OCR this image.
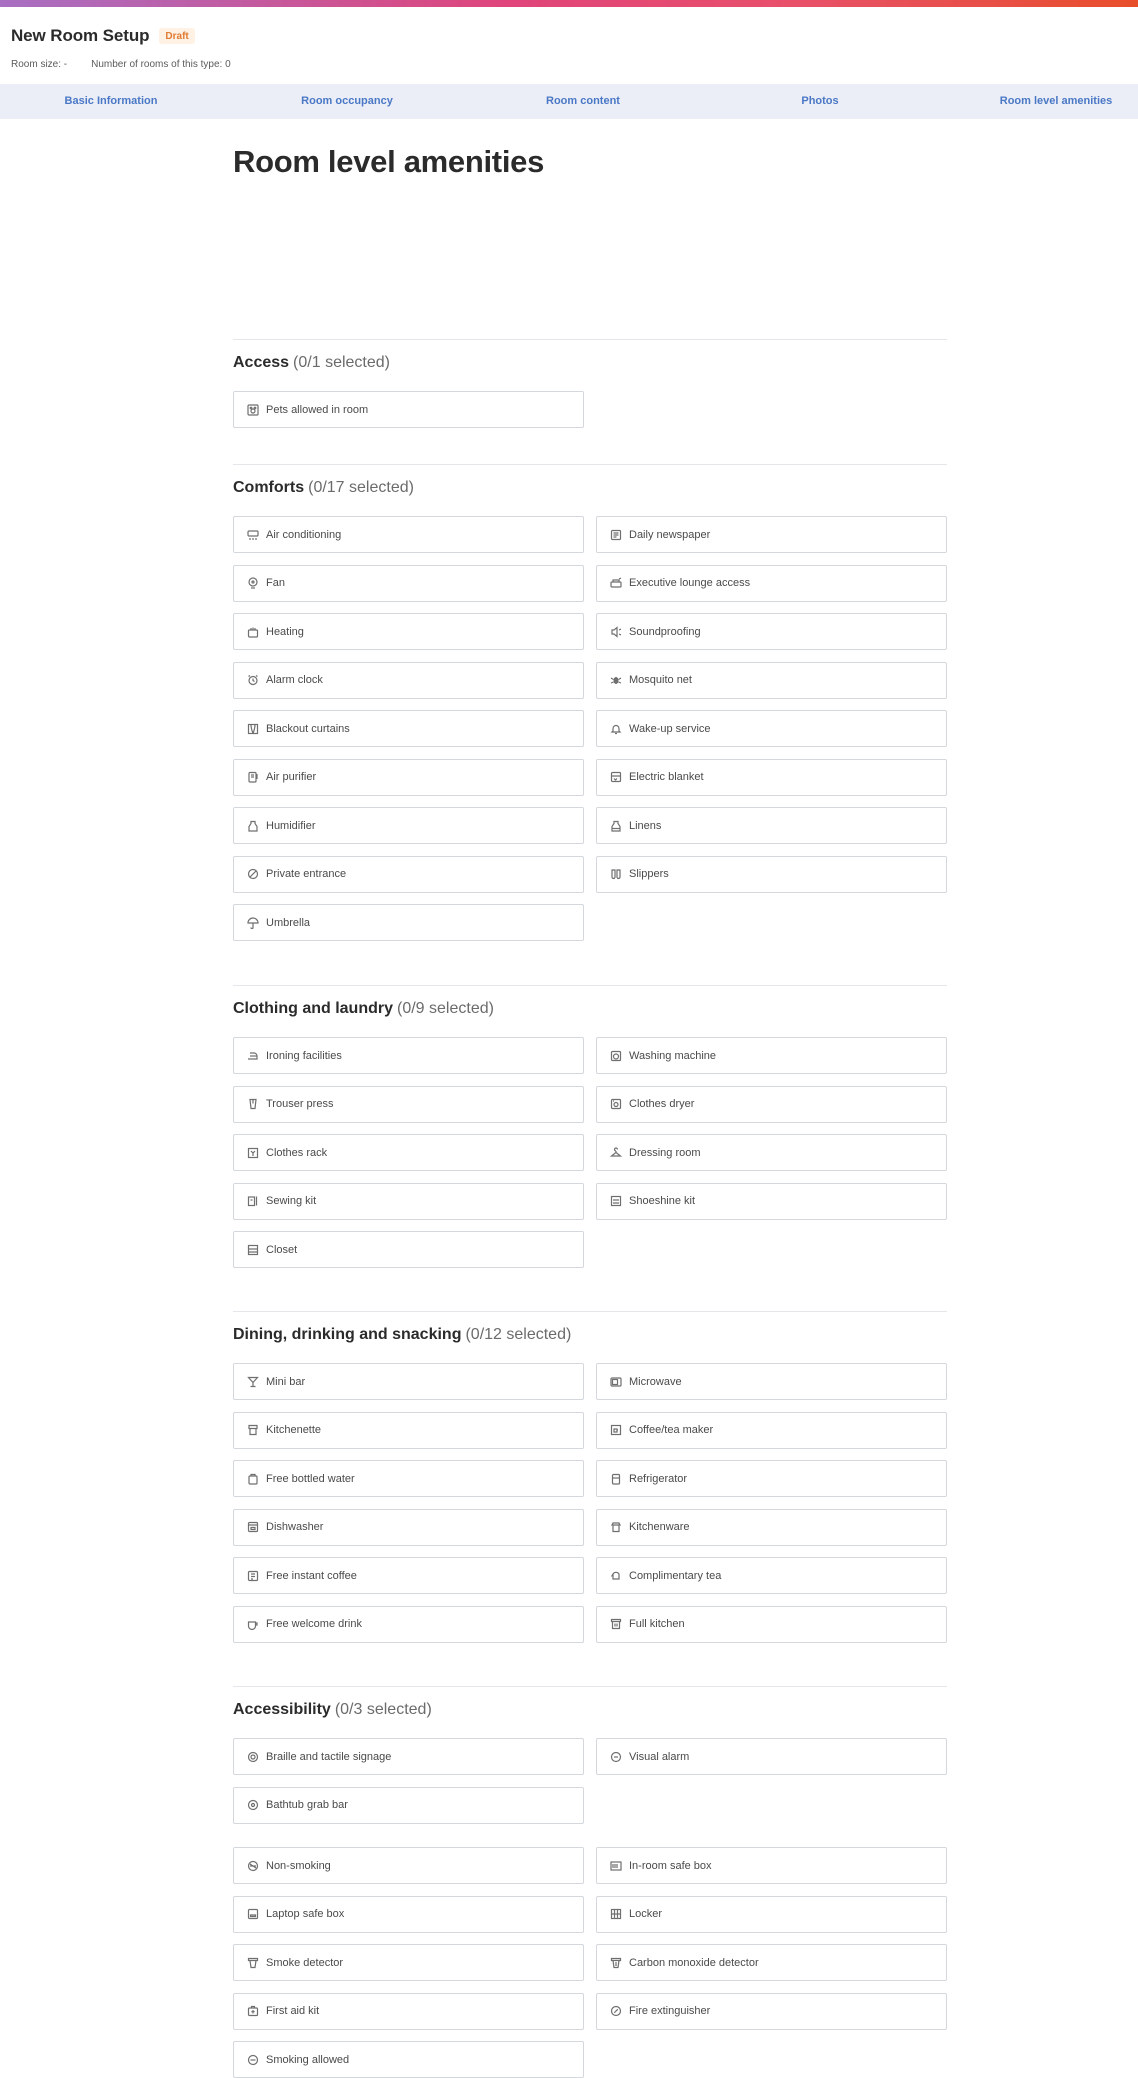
New Room Setup	Draft
Room size: - Number of rooms of this type: 0
Basic Information	Room occupancy	Room content	Photos	Room level amenities
Room level amenities
Access (0/1 selected)
Pets allowed in room
Comforts (0/17 selected)
Air conditioning	Daily newspaper
Fan	Executive lounge access
Heating	Soundproofing
Alarm clock	Mosquito net
Blackout curtains	Wake-up service
Air purifier	Electric blanket
Humidifier	Linens
Private entrance	Slippers
Umbrella
Clothing and laundry (0/9 selected)
Ironing facilities	Washing machine
Trouser press	Clothes dryer
Clothes rack	Dressing room
Sewing kit	Shoeshine kit
Closet
Dining, drinking and snacking (0/12 selected)
Mini bar	Microwave
Kitchenette	Coffee/tea maker
Free bottled water	Refrigerator
Dishwasher	Kitchenware
Free instant coffee	Complimentary tea
Free welcome drink	Full kitchen
Accessibility (0/3 selected)
Braille and tactile signage	Visual alarm
Bathtub grab bar
Non-smoking	In-room safe box
Laptop safe box	Locker
Smoke detector	Carbon monoxide detector
First aid kit	Fire extinguisher
Smoking allowed
